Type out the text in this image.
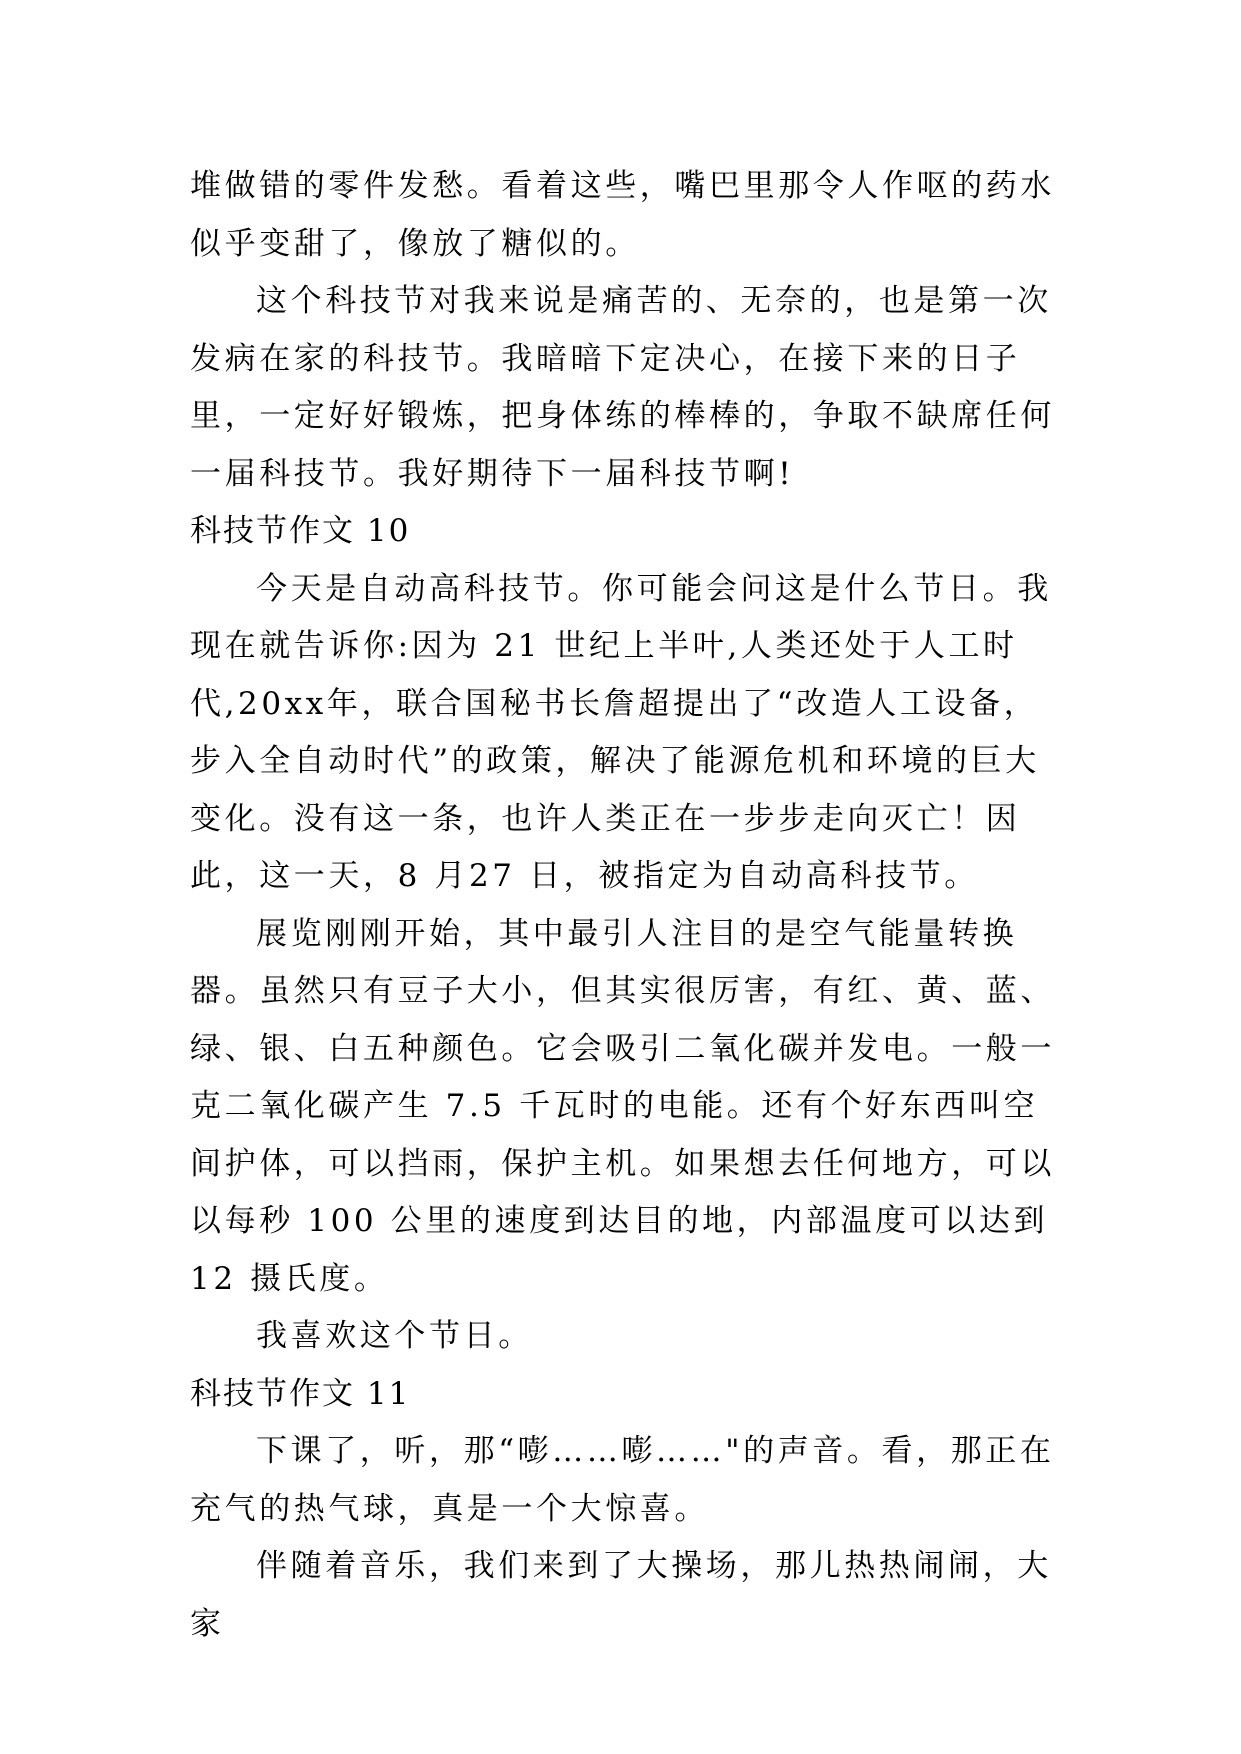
堆做错的零件发愁。看着这些，嘴巴里那令人作呕的药水似乎变甜了，像放了糖似的。

这个科技节对我来说是痛苦的、无奈的，也是第一次发病在家的科技节。我暗暗下定决心，在接下来的日子里，一定好好锻炼，把身体练的棒棒的，争取不缺席任何一届科技节。我好期待下一届科技节啊!

科技节作文 10

今天是自动高科技节。你可能会问这是什么节日。我现在就告诉你:因为 21 世纪上半叶,人类还处于人工时代,20xx年，联合国秘书长詹超提出了“改造人工设备，步入全自动时代”的政策，解决了能源危机和环境的巨大变化。没有这一条，也许人类正在一步步走向灭亡！因此，这一天，8 月27 日，被指定为自动高科技节。

展览刚刚开始，其中最引人注目的是空气能量转换器。虽然只有豆子大小，但其实很厉害，有红、黄、蓝、绿、银、白五种颜色。它会吸引二氧化碳并发电。一般一克二氧化碳产生 7.5 千瓦时的电能。还有个好东西叫空间护体，可以挡雨，保护主机。如果想去任何地方，可以以每秒 100 公里的速度到达目的地，内部温度可以达到 12 摄氏度。

我喜欢这个节日。

科技节作文 11

下课了，听，那“嘭……嘭……"的声音。看，那正在充气的热气球，真是一个大惊喜。

伴随着音乐，我们来到了大操场，那儿热热闹闹，大家
